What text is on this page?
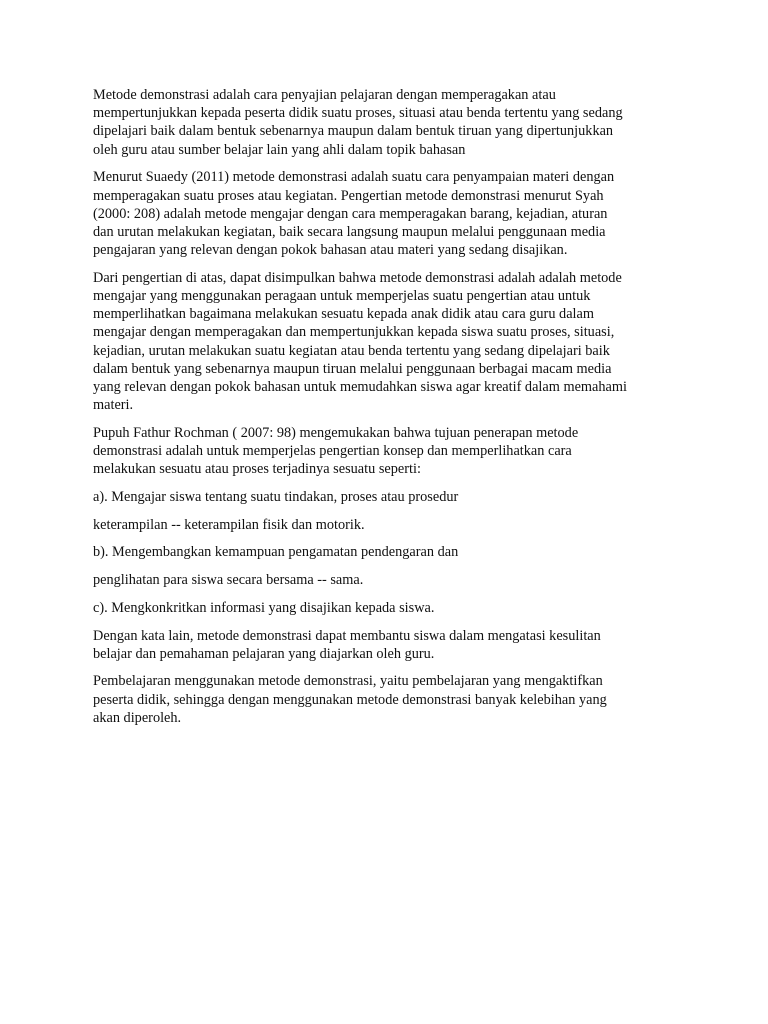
Metode demonstrasi adalah cara penyajian pelajaran dengan memperagakan atau
mempertunjukkan kepada peserta didik suatu proses, situasi atau benda tertentu yang sedang
dipelajari baik dalam bentuk sebenarnya maupun dalam bentuk tiruan yang dipertunjukkan
oleh guru atau sumber belajar lain yang ahli dalam topik bahasan

Menurut Suaedy (2011) metode demonstrasi adalah suatu cara penyampaian materi dengan
memperagakan suatu proses atau kegiatan. Pengertian metode demonstrasi menurut Syah
(2000: 208) adalah metode mengajar dengan cara memperagakan barang, kejadian, aturan
dan urutan melakukan kegiatan, baik secara langsung maupun melalui penggunaan media
pengajaran yang relevan dengan pokok bahasan atau materi yang sedang disajikan.

Dari pengertian di atas, dapat disimpulkan bahwa metode demonstrasi adalah adalah metode
mengajar yang menggunakan peragaan untuk memperjelas suatu pengertian atau untuk
memperlihatkan bagaimana melakukan sesuatu kepada anak didik atau cara guru dalam
mengajar dengan memperagakan dan mempertunjukkan kepada siswa suatu proses, situasi,
kejadian, urutan melakukan suatu kegiatan atau benda tertentu yang sedang dipelajari baik
dalam bentuk yang sebenarnya maupun tiruan melalui penggunaan berbagai macam media
yang relevan dengan pokok bahasan untuk memudahkan siswa agar kreatif dalam memahami
materi.

Pupuh Fathur Rochman ( 2007: 98) mengemukakan bahwa tujuan penerapan metode
demonstrasi adalah untuk memperjelas pengertian konsep dan memperlihatkan cara
melakukan sesuatu atau proses terjadinya sesuatu seperti:

a). Mengajar siswa tentang suatu tindakan, proses atau prosedur

keterampilan -- keterampilan fisik dan motorik.

b). Mengembangkan kemampuan pengamatan pendengaran dan

penglihatan para siswa secara bersama -- sama.

c). Mengkonkritkan informasi yang disajikan kepada siswa.

Dengan kata lain, metode demonstrasi dapat membantu siswa dalam mengatasi kesulitan
belajar dan pemahaman pelajaran yang diajarkan oleh guru.

Pembelajaran menggunakan metode demonstrasi, yaitu pembelajaran yang mengaktifkan
peserta didik, sehingga dengan menggunakan metode demonstrasi banyak kelebihan yang
akan diperoleh.
